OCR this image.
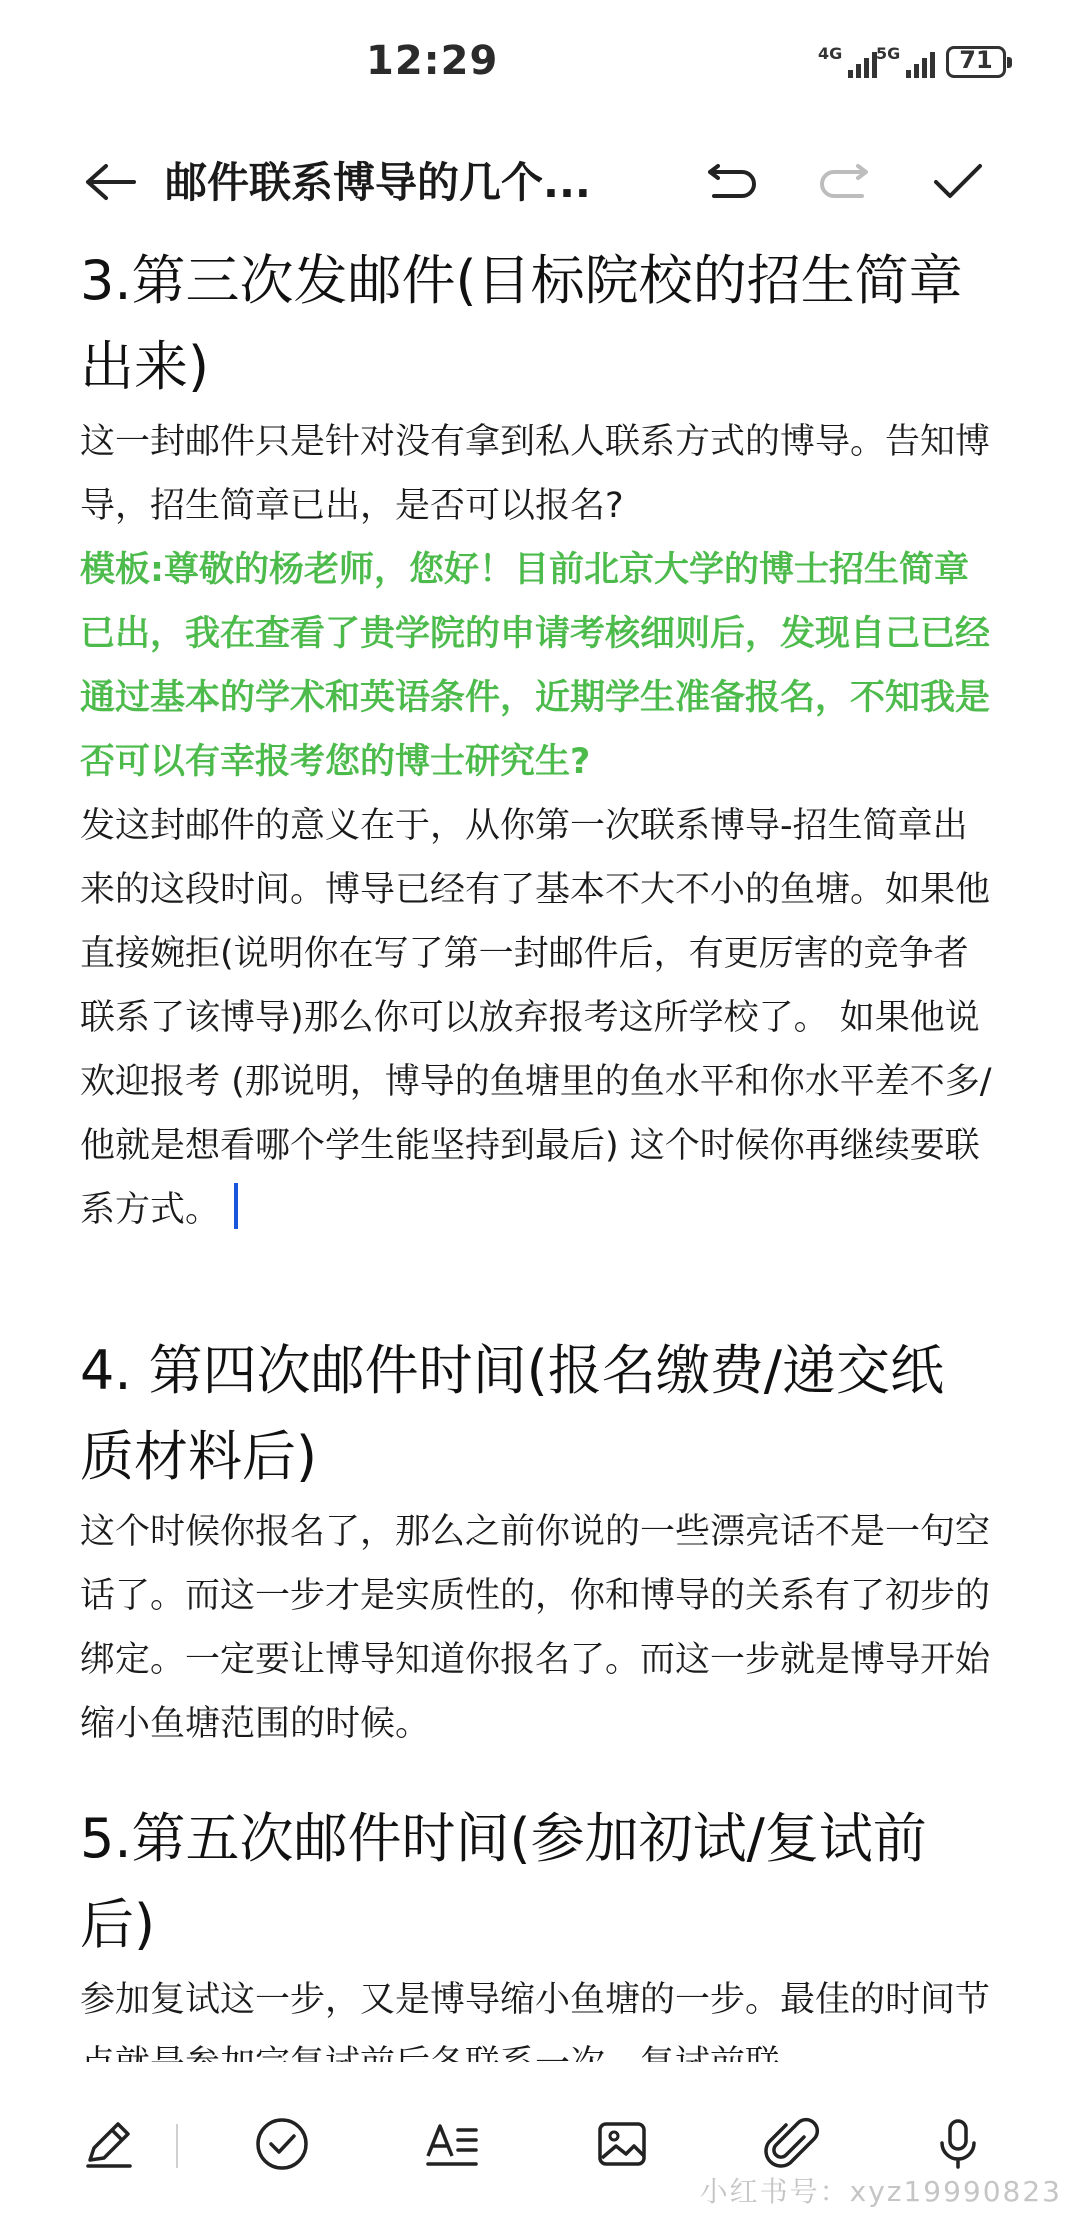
12:29	4G 5G	71
邮件联系博导的几个...
3.第三次发邮件(目标院校的招生简章
出来)

这一封邮件只是针对没有拿到私人联系方式的博导。告知博导，招生简章已出，是否可以报名?

模板:尊敬的杨老师，您好！目前北京大学的博士招生简章已出，我在查看了贵学院的申请考核细则后，发现自己已经通过基本的学术和英语条件，近期学生准备报名，不知我是否可以有幸报考您的博士研究生?

发这封邮件的意义在于，从你第一次联系博导-招生简章出来的这段时间。博导已经有了基本不大不小的鱼塘。如果他直接婉拒(说明你在写了第一封邮件后，有更厉害的竞争者联系了该博导)那么你可以放弃报考这所学校了。 如果他说欢迎报考 (那说明，博导的鱼塘里的鱼水平和你水平差不多/他就是想看哪个学生能坚持到最后) 这个时候你再继续要联系方式。

4. 第四次邮件时间(报名缴费/递交纸
质材料后)

这个时候你报名了，那么之前你说的一些漂亮话不是一句空话了。而这一步才是实质性的，你和博导的关系有了初步的绑定。一定要让博导知道你报名了。而这一步就是博导开始缩小鱼塘范围的时候。

5.第五次邮件时间(参加初试/复试前
后)

参加复试这一步，又是博导缩小鱼塘的一步。最佳的时间节

小红书号：xyz19990823
